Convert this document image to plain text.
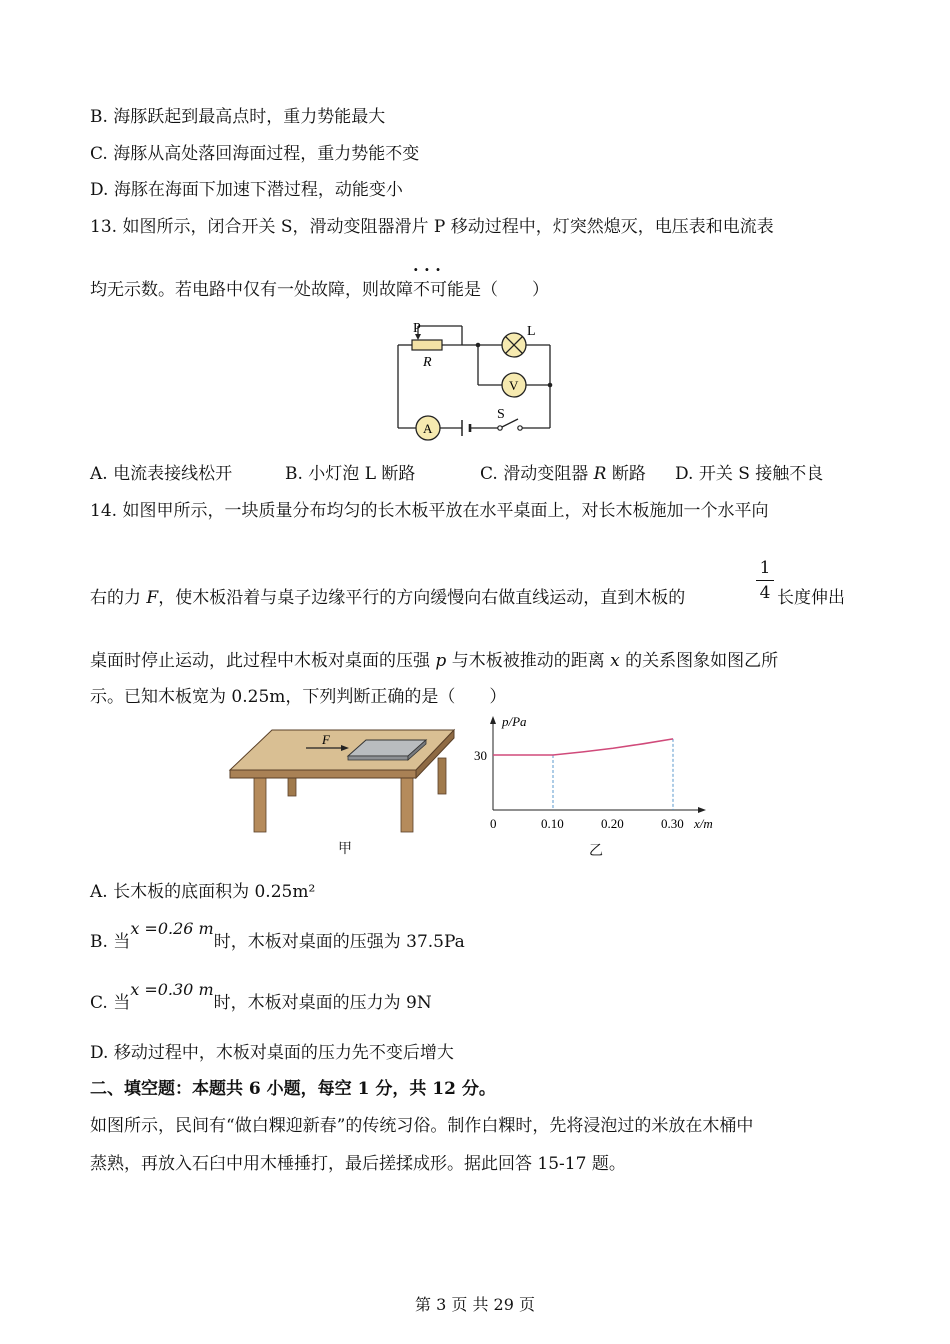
B. 海豚跃起到最高点时，重力势能最大
C. 海豚从高处落回海面过程，重力势能不变
D. 海豚在海面下加速下潜过程，动能变小
13. 如图所示，闭合开关 S，滑动变阻器滑片 P 移动过程中，灯突然熄灭，电压表和电流表
均无示数。若电路中仅有一处故障，则故障· · · 不可能是（　　）
P
R
L
V
A
S
A. 电流表接线松开	B. 小灯泡 L 断路	C. 滑动变阻器 R 断路 D. 开关 S 接触不良
14. 如图甲所示，一块质量分布均匀的长木板平放在水平桌面上，对长木板施加一个水平向
右的力 F，使木板沿着与桌子边缘平行的方向缓慢向右做直线运动，直到木板的
1
4 长度伸出
桌面时停止运动，此过程中木板对桌面的压强 p 与木板被推动的距离 x 的关系图象如图乙所
示。已知木板宽为 0.25m，下列判断正确的是（　　）
F
甲
0	0.10	0.20	0.30
30
p/Pa
x/m
乙
A. 长木板的底面积为 0.25m²
B. 当x =0.26 m时，木板对桌面的压强为 37.5Pa
C. 当x =0.30 m时，木板对桌面的压力为 9N
D. 移动过程中，木板对桌面的压力先不变后增大
二、填空题：本题共 6 小题，每空 1 分，共 12 分。
如图所示，民间有“做白粿迎新春”的传统习俗。制作白粿时，先将浸泡过的米放在木桶中
蒸熟，再放入石臼中用木棰捶打，最后搓揉成形。据此回答 15-17 题。
第 3 页 共 29 页
